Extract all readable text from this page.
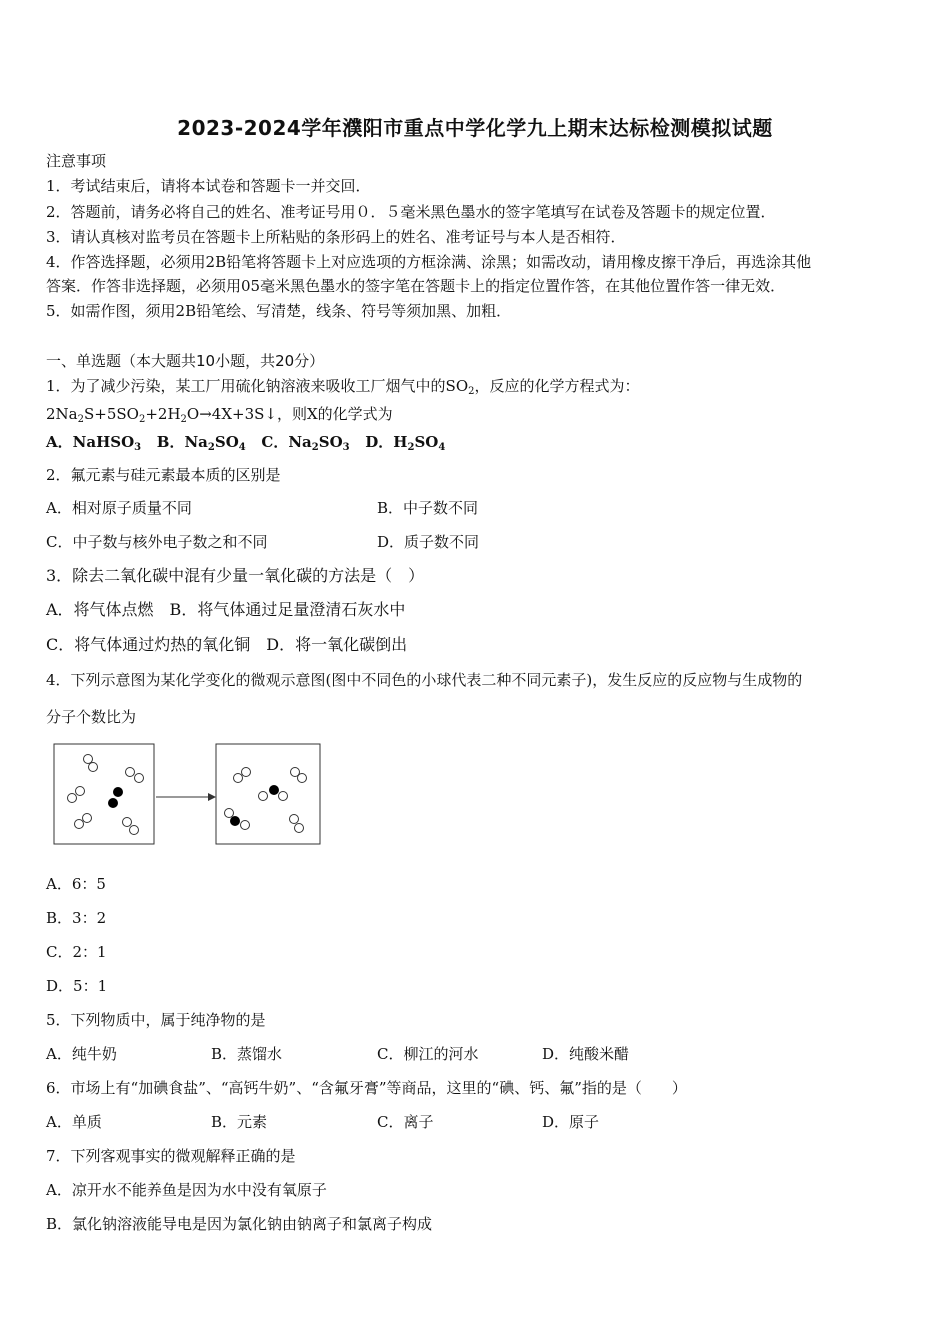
2023-2024学年濮阳市重点中学化学九上期末达标检测模拟试题
注意事项
1．考试结束后，请将本试卷和答题卡一并交回．
2．答题前，请务必将自己的姓名、准考证号用０．５毫米黑色墨水的签字笔填写在试卷及答题卡的规定位置．
3．请认真核对监考员在答题卡上所粘贴的条形码上的姓名、准考证号与本人是否相符．
4．作答选择题，必须用2B铅笔将答题卡上对应选项的方框涂满、涂黑；如需改动，请用橡皮擦干净后，再选涂其他
答案．作答非选择题，必须用05毫米黑色墨水的签字笔在答题卡上的指定位置作答，在其他位置作答一律无效．
5．如需作图，须用2B铅笔绘、写清楚，线条、符号等须加黑、加粗．
一、单选题（本大题共10小题，共20分）
1．为了减少污染，某工厂用硫化钠溶液来吸收工厂烟气中的$SO_2$，反应的化学方程式为：
$2Na_2S+5SO_2+2H_2O\to 4X+3S↓$，则X的化学式为
A．NaHSO$_3$ B．$Na_2SO_4$ C．$Na_2SO_3$ D．$H_2SO_4$
2．氟元素与硅元素最本质的区别是
A．相对原子质量不同	B．中子数不同
C．中子数与核外电子数之和不同	D．质子数不同
3．除去二氧化碳中混有少量一氧化碳的方法是（　）
A．将气体点燃　B．将气体通过足量澄清石灰水中
C．将气体通过灼热的氧化铜　D．将一氧化碳倒出
4．下列示意图为某化学变化的微观示意图(图中不同色的小球代表二种不同元素子)，发生反应的反应物与生成物的
分子个数比为
A．6：5
B．3：2
C．2：1
D．5：1
5．下列物质中，属于纯净物的是
A．纯牛奶	B．蒸馏水	C．柳江的河水	D．纯酸米醋
6．市场上有“加碘食盐”、“高钙牛奶”、“含氟牙膏”等商品，这里的“碘、钙、氟”指的是（　　）
A．单质	B．元素	C．离子	D．原子
7．下列客观事实的微观解释正确的是
A．凉开水不能养鱼是因为水中没有氧原子
B．氯化钠溶液能导电是因为氯化钠由钠离子和氯离子构成
